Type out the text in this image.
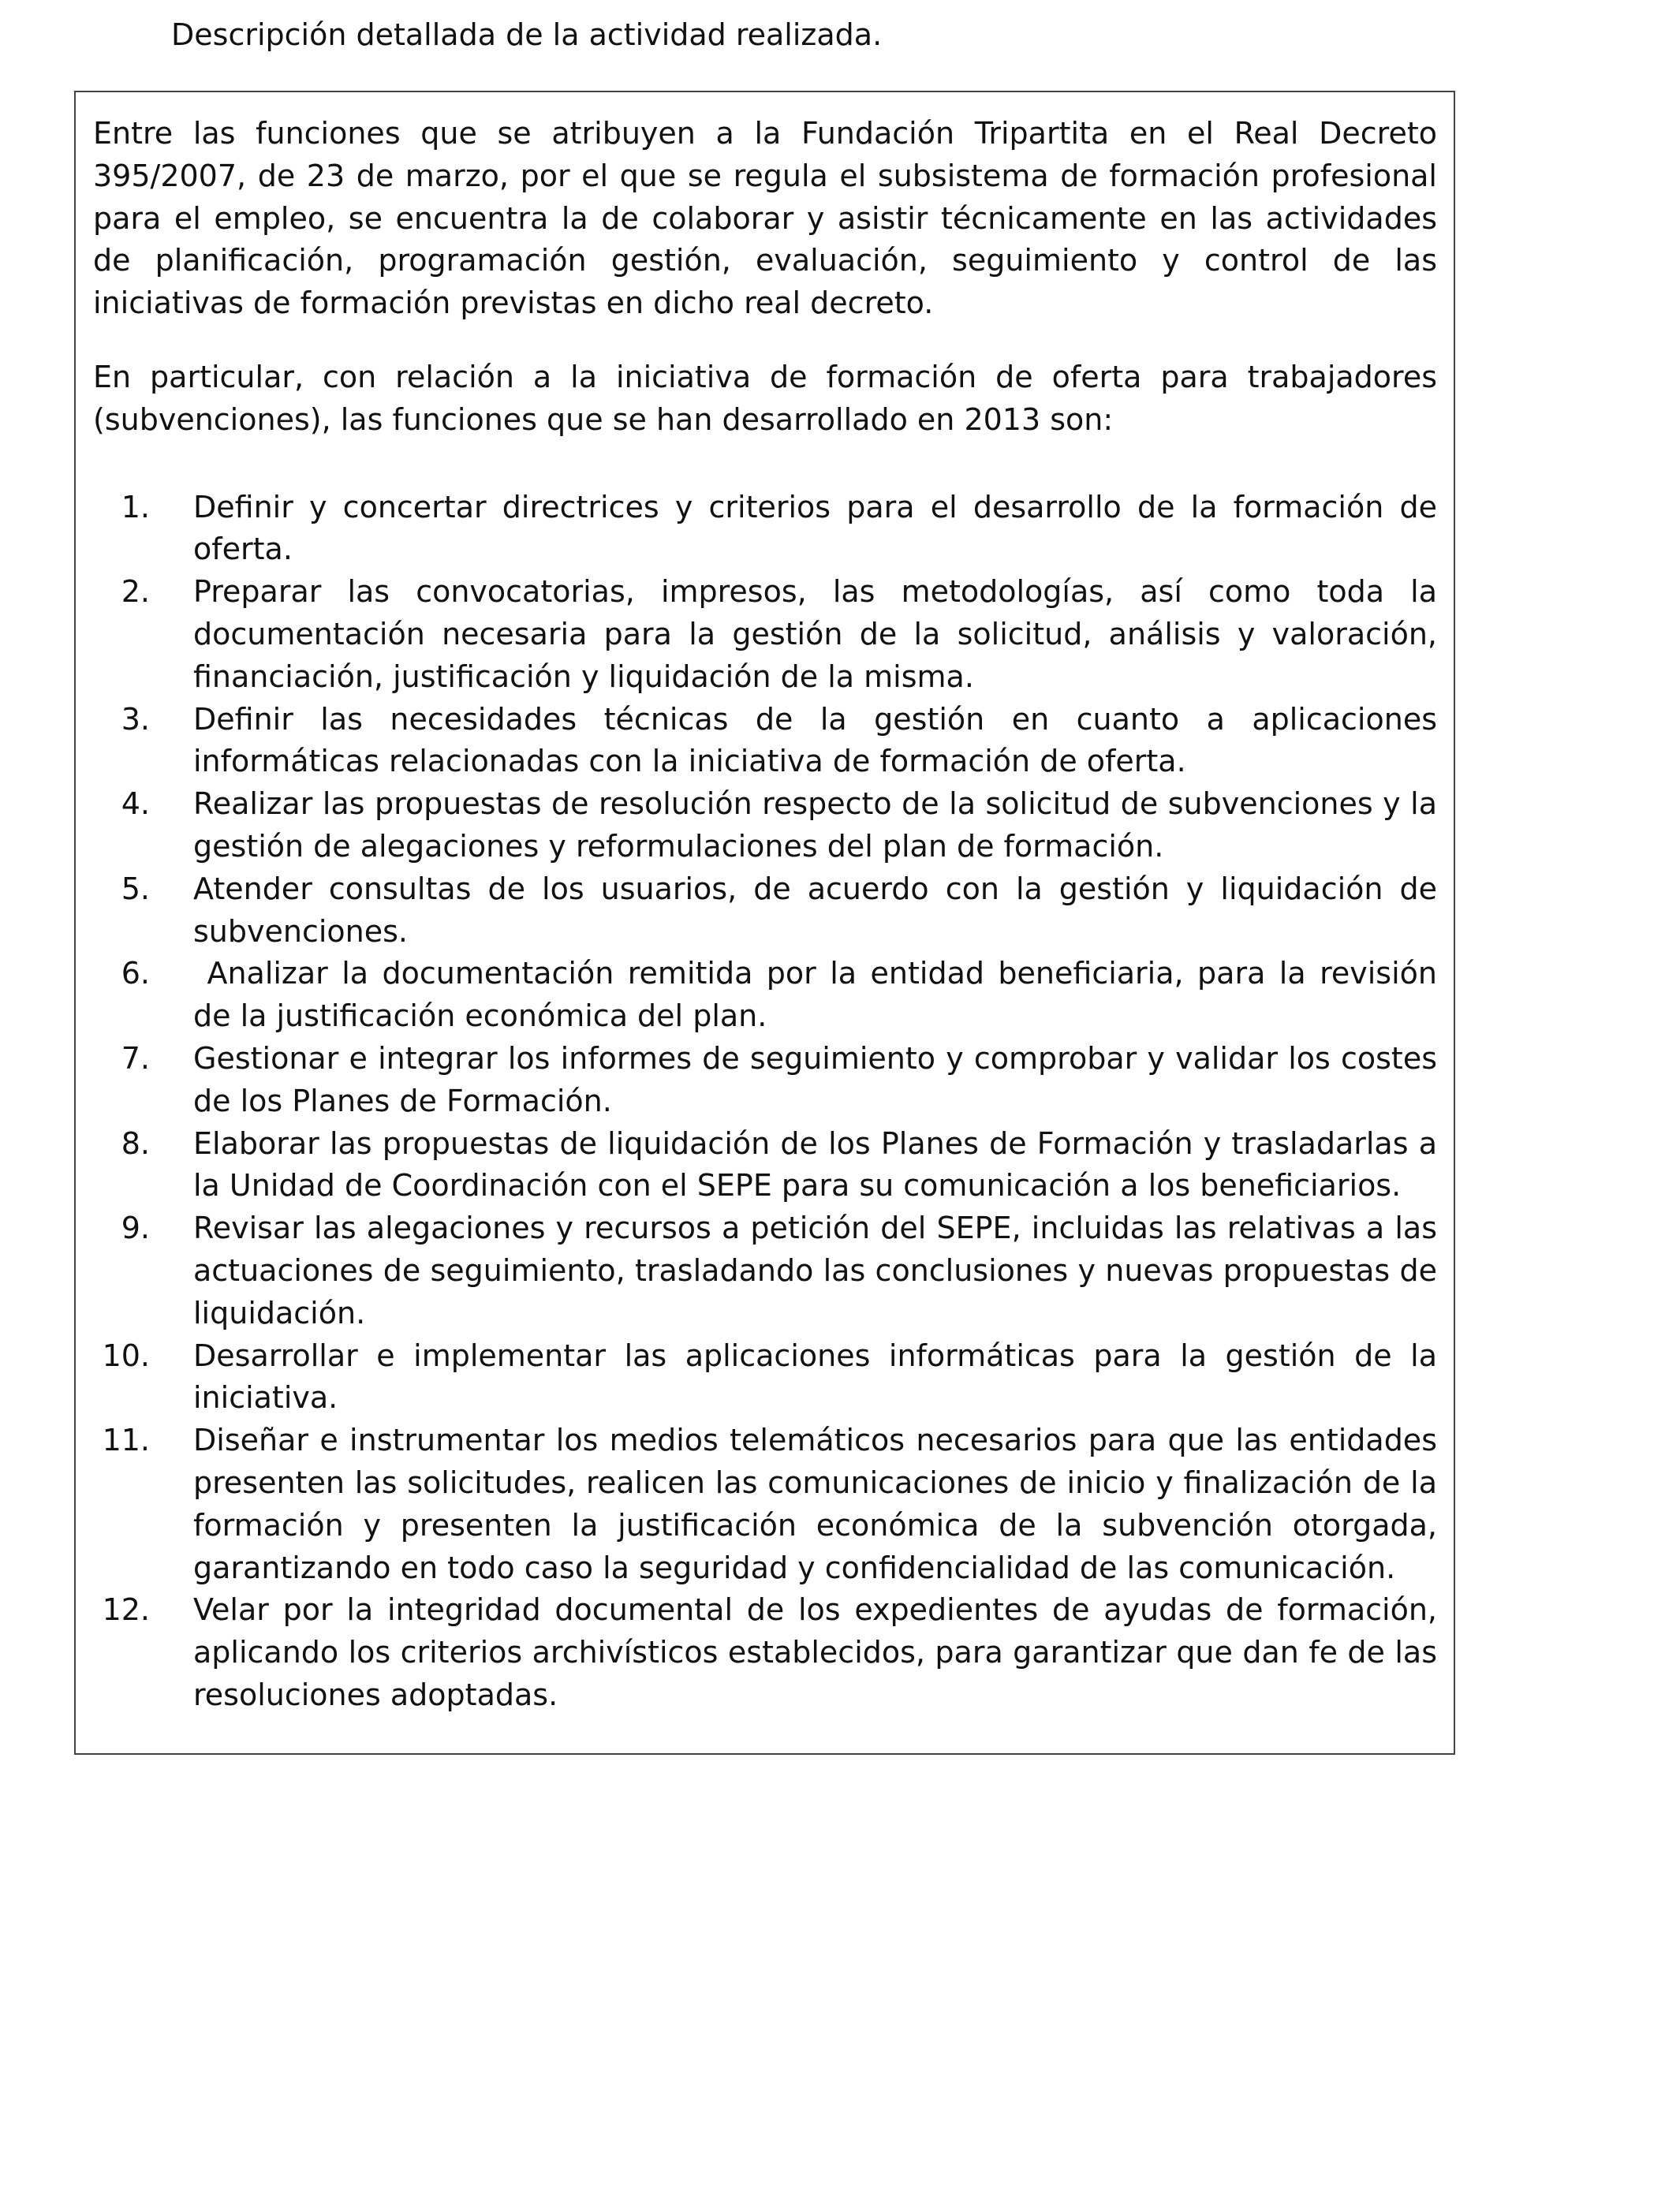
Descripción detallada de la actividad realizada.

Entre las funciones que se atribuyen a la Fundación Tripartita en el Real Decreto 395/2007, de 23 de marzo, por el que se regula el subsistema de formación profesional para el empleo, se encuentra la de colaborar y asistir técnicamente en las actividades de planificación, programación gestión, evaluación, seguimiento y control de las iniciativas de formación previstas en dicho real decreto.

En particular, con relación a la iniciativa de formación de oferta para trabajadores (subvenciones), las funciones que se han desarrollado en 2013 son:

1.	Definir y concertar directrices y criterios para el desarrollo de la formación de oferta.
2.	Preparar las convocatorias, impresos, las metodologías, así como toda la documentación necesaria para la gestión de la solicitud, análisis y valoración, financiación, justificación y liquidación de la misma.
3.	Definir las necesidades técnicas de la gestión en cuanto a aplicaciones informáticas relacionadas con la iniciativa de formación de oferta.
4.	Realizar las propuestas de resolución respecto de la solicitud de subvenciones y la gestión de alegaciones y reformulaciones del plan de formación.
5.	Atender consultas de los usuarios, de acuerdo con la gestión y liquidación de subvenciones.
6.	Analizar la documentación remitida por la entidad beneficiaria, para la revisión de la justificación económica del plan.
7.	Gestionar e integrar los informes de seguimiento y comprobar y validar los costes de los Planes de Formación.
8.	Elaborar las propuestas de liquidación de los Planes de Formación y trasladarlas a la Unidad de Coordinación con el SEPE para su comunicación a los beneficiarios.
9.	Revisar las alegaciones y recursos a petición del SEPE, incluidas las relativas a las actuaciones de seguimiento, trasladando las conclusiones y nuevas propuestas de liquidación.
10.	Desarrollar e implementar las aplicaciones informáticas para la gestión de la iniciativa.
11.	Diseñar e instrumentar los medios telemáticos necesarios para que las entidades presenten las solicitudes, realicen las comunicaciones de inicio y finalización de la formación y presenten la justificación económica de la subvención otorgada, garantizando en todo caso la seguridad y confidencialidad de las comunicación.
12.	Velar por la integridad documental de los expedientes de ayudas de formación, aplicando los criterios archivísticos establecidos, para garantizar que dan fe de las resoluciones adoptadas.
